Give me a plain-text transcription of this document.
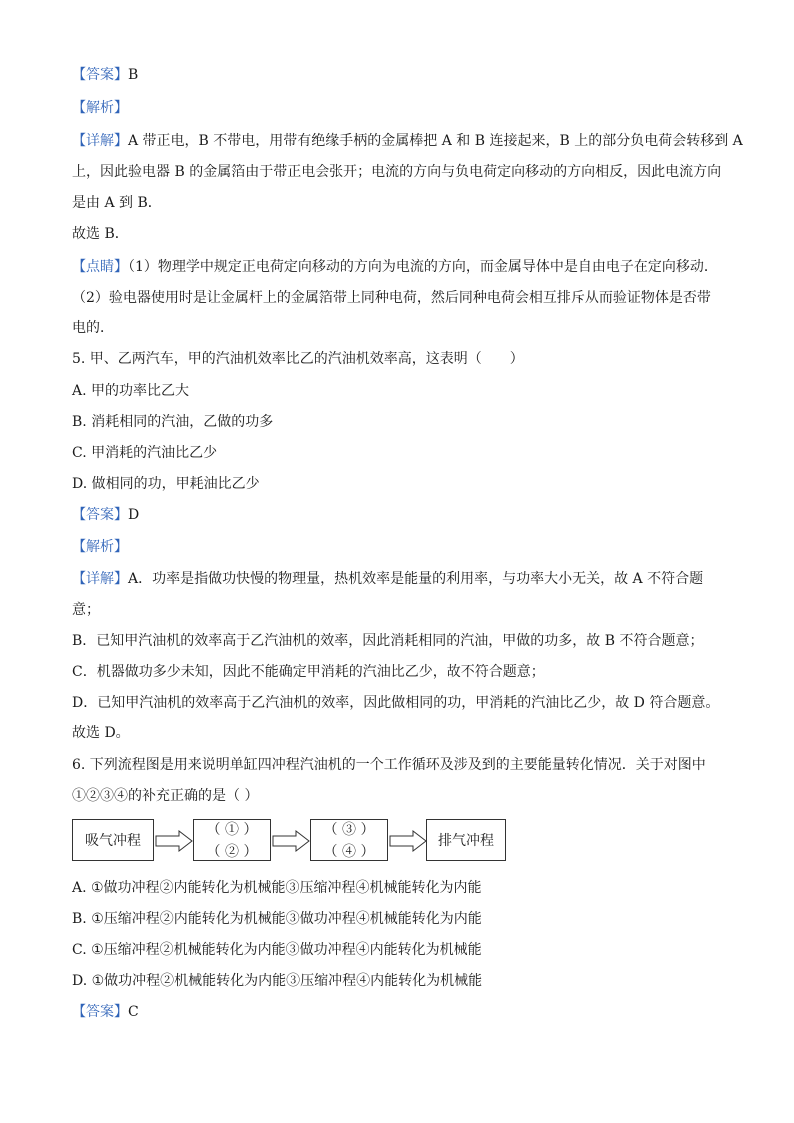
【答案】B
【解析】
【详解】A 带正电，B 不带电，用带有绝缘手柄的金属棒把 A 和 B 连接起来，B 上的部分负电荷会转移到 A
上，因此验电器 B 的金属箔由于带正电会张开；电流的方向与负电荷定向移动的方向相反，因此电流方向
是由 A 到 B．
故选 B．
【点睛】（1）物理学中规定正电荷定向移动的方向为电流的方向，而金属导体中是自由电子在定向移动．
（2）验电器使用时是让金属杆上的金属箔带上同种电荷，然后同种电荷会相互排斥从而验证物体是否带
电的．
5. 甲、乙两汽车，甲的汽油机效率比乙的汽油机效率高，这表明（　　）
A. 甲的功率比乙大
B. 消耗相同的汽油，乙做的功多
C. 甲消耗的汽油比乙少
D. 做相同的功，甲耗油比乙少
【答案】D
【解析】
【详解】A．功率是指做功快慢的物理量，热机效率是能量的利用率，与功率大小无关，故 A 不符合题
意；
B．已知甲汽油机的效率高于乙汽油机的效率，因此消耗相同的汽油，甲做的功多，故 B 不符合题意；
C．机器做功多少未知，因此不能确定甲消耗的汽油比乙少，故不符合题意；
D．已知甲汽油机的效率高于乙汽油机的效率，因此做相同的功，甲消耗的汽油比乙少，故 D 符合题意。
故选 D。
6. 下列流程图是用来说明单缸四冲程汽油机的一个工作循环及涉及到的主要能量转化情况．关于对图中
①②③④的补充正确的是（ ）
吸气冲程
（ ① ）
（ ② ）
（ ③ ）
（ ④ ）
排气冲程
A. ①做功冲程②内能转化为机械能③压缩冲程④机械能转化为内能
B. ①压缩冲程②内能转化为机械能③做功冲程④机械能转化为内能
C. ①压缩冲程②机械能转化为内能③做功冲程④内能转化为机械能
D. ①做功冲程②机械能转化为内能③压缩冲程④内能转化为机械能
【答案】C
